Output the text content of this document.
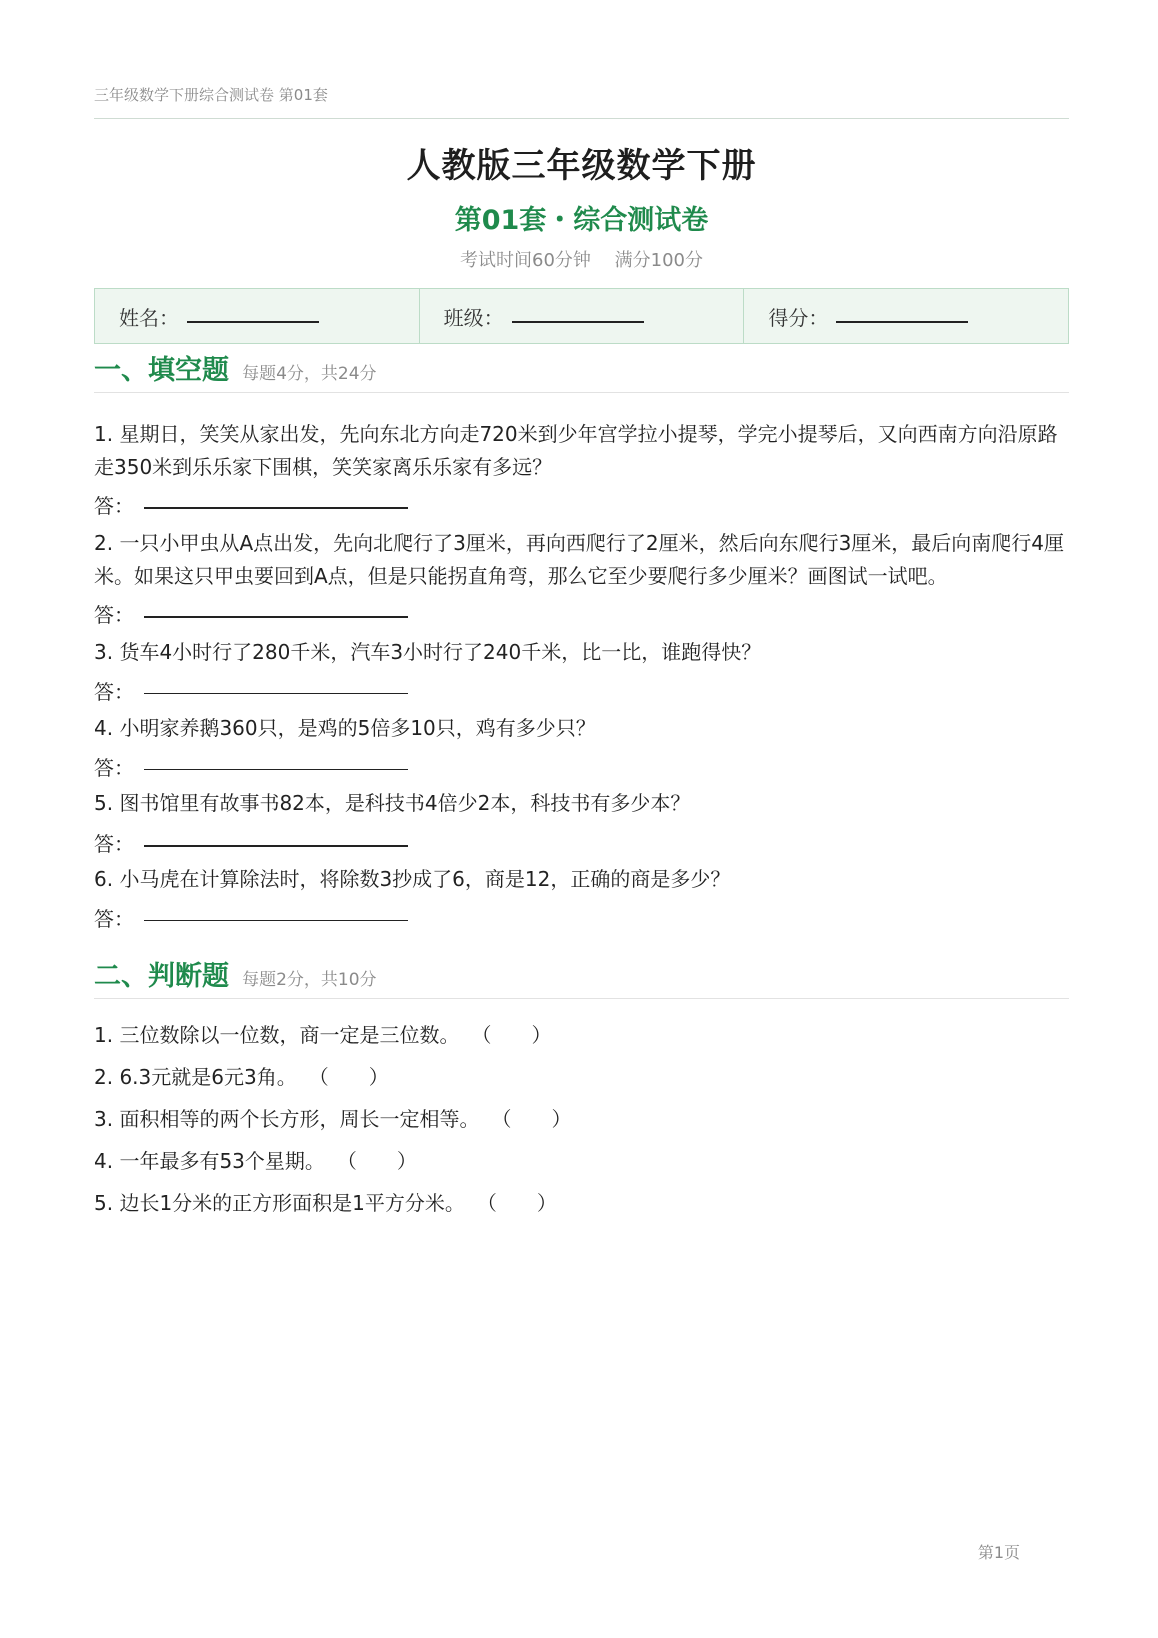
三年级数学下册综合测试卷 第01套
人教版三年级数学下册
第01套・综合测试卷
考试时间60分钟 满分100分
姓名：	班级：	得分：
一、填空题 每题4分，共24分
1. 星期日，笑笑从家出发，先向东北方向走720米到少年宫学拉小提琴，学完小提琴后，又向西南方向沿原路走350米到乐乐家下围棋，笑笑家离乐乐家有多远？
答：
2. 一只小甲虫从A点出发，先向北爬行了3厘米，再向西爬行了2厘米，然后向东爬行3厘米，最后向南爬行4厘米。如果这只甲虫要回到A点，但是只能拐直角弯，那么它至少要爬行多少厘米？画图试一试吧。
答：
3. 货车4小时行了280千米，汽车3小时行了240千米，比一比，谁跑得快？
答：
4. 小明家养鹅360只，是鸡的5倍多10只，鸡有多少只？
答：
5. 图书馆里有故事书82本，是科技书4倍少2本，科技书有多少本？
答：
6. 小马虎在计算除法时，将除数3抄成了6，商是12，正确的商是多少？
答：
二、判断题 每题2分，共10分
1. 三位数除以一位数，商一定是三位数。 （　　）
2. 6.3元就是6元3角。 （　　）
3. 面积相等的两个长方形，周长一定相等。 （　　）
4. 一年最多有53个星期。 （　　）
5. 边长1分米的正方形面积是1平方分米。 （　　）
第1页
